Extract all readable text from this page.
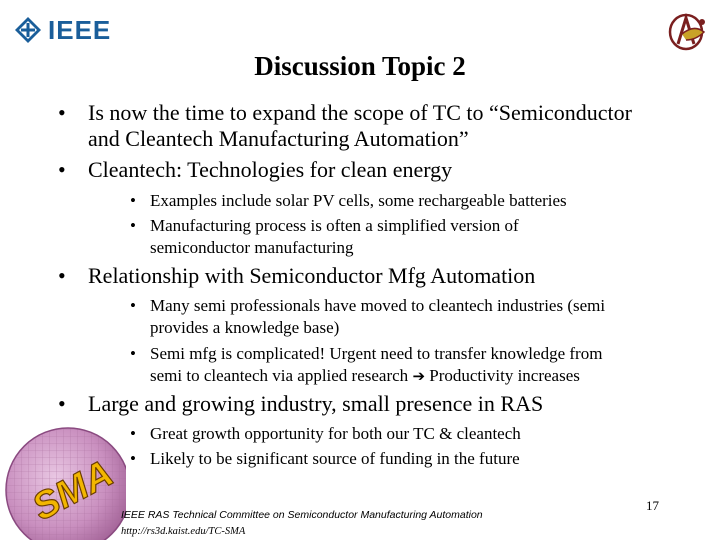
IEEE
Discussion Topic 2
• Is now the time to expand the scope of TC to “Semiconductor
and Cleantech Manufacturing Automation”
• Cleantech: Technologies for clean energy
• Examples include solar PV cells, some rechargeable batteries
• Manufacturing process is often a simplified version of
semiconductor manufacturing
• Relationship with Semiconductor Mfg Automation
• Many semi professionals have moved to cleantech industries (semi
provides a knowledge base)
• Semi mfg is complicated! Urgent need to transfer knowledge from
semi to cleantech via applied research ➔ Productivity increases
• Large and growing industry, small presence in RAS
• Great growth opportunity for both our TC & cleantech
• Likely to be significant source of funding in the future
SMA IEEE RAS Technical Committee on Semiconductor Manufacturing Automation
http://rs3d.kaist.edu/TC-SMA
17
